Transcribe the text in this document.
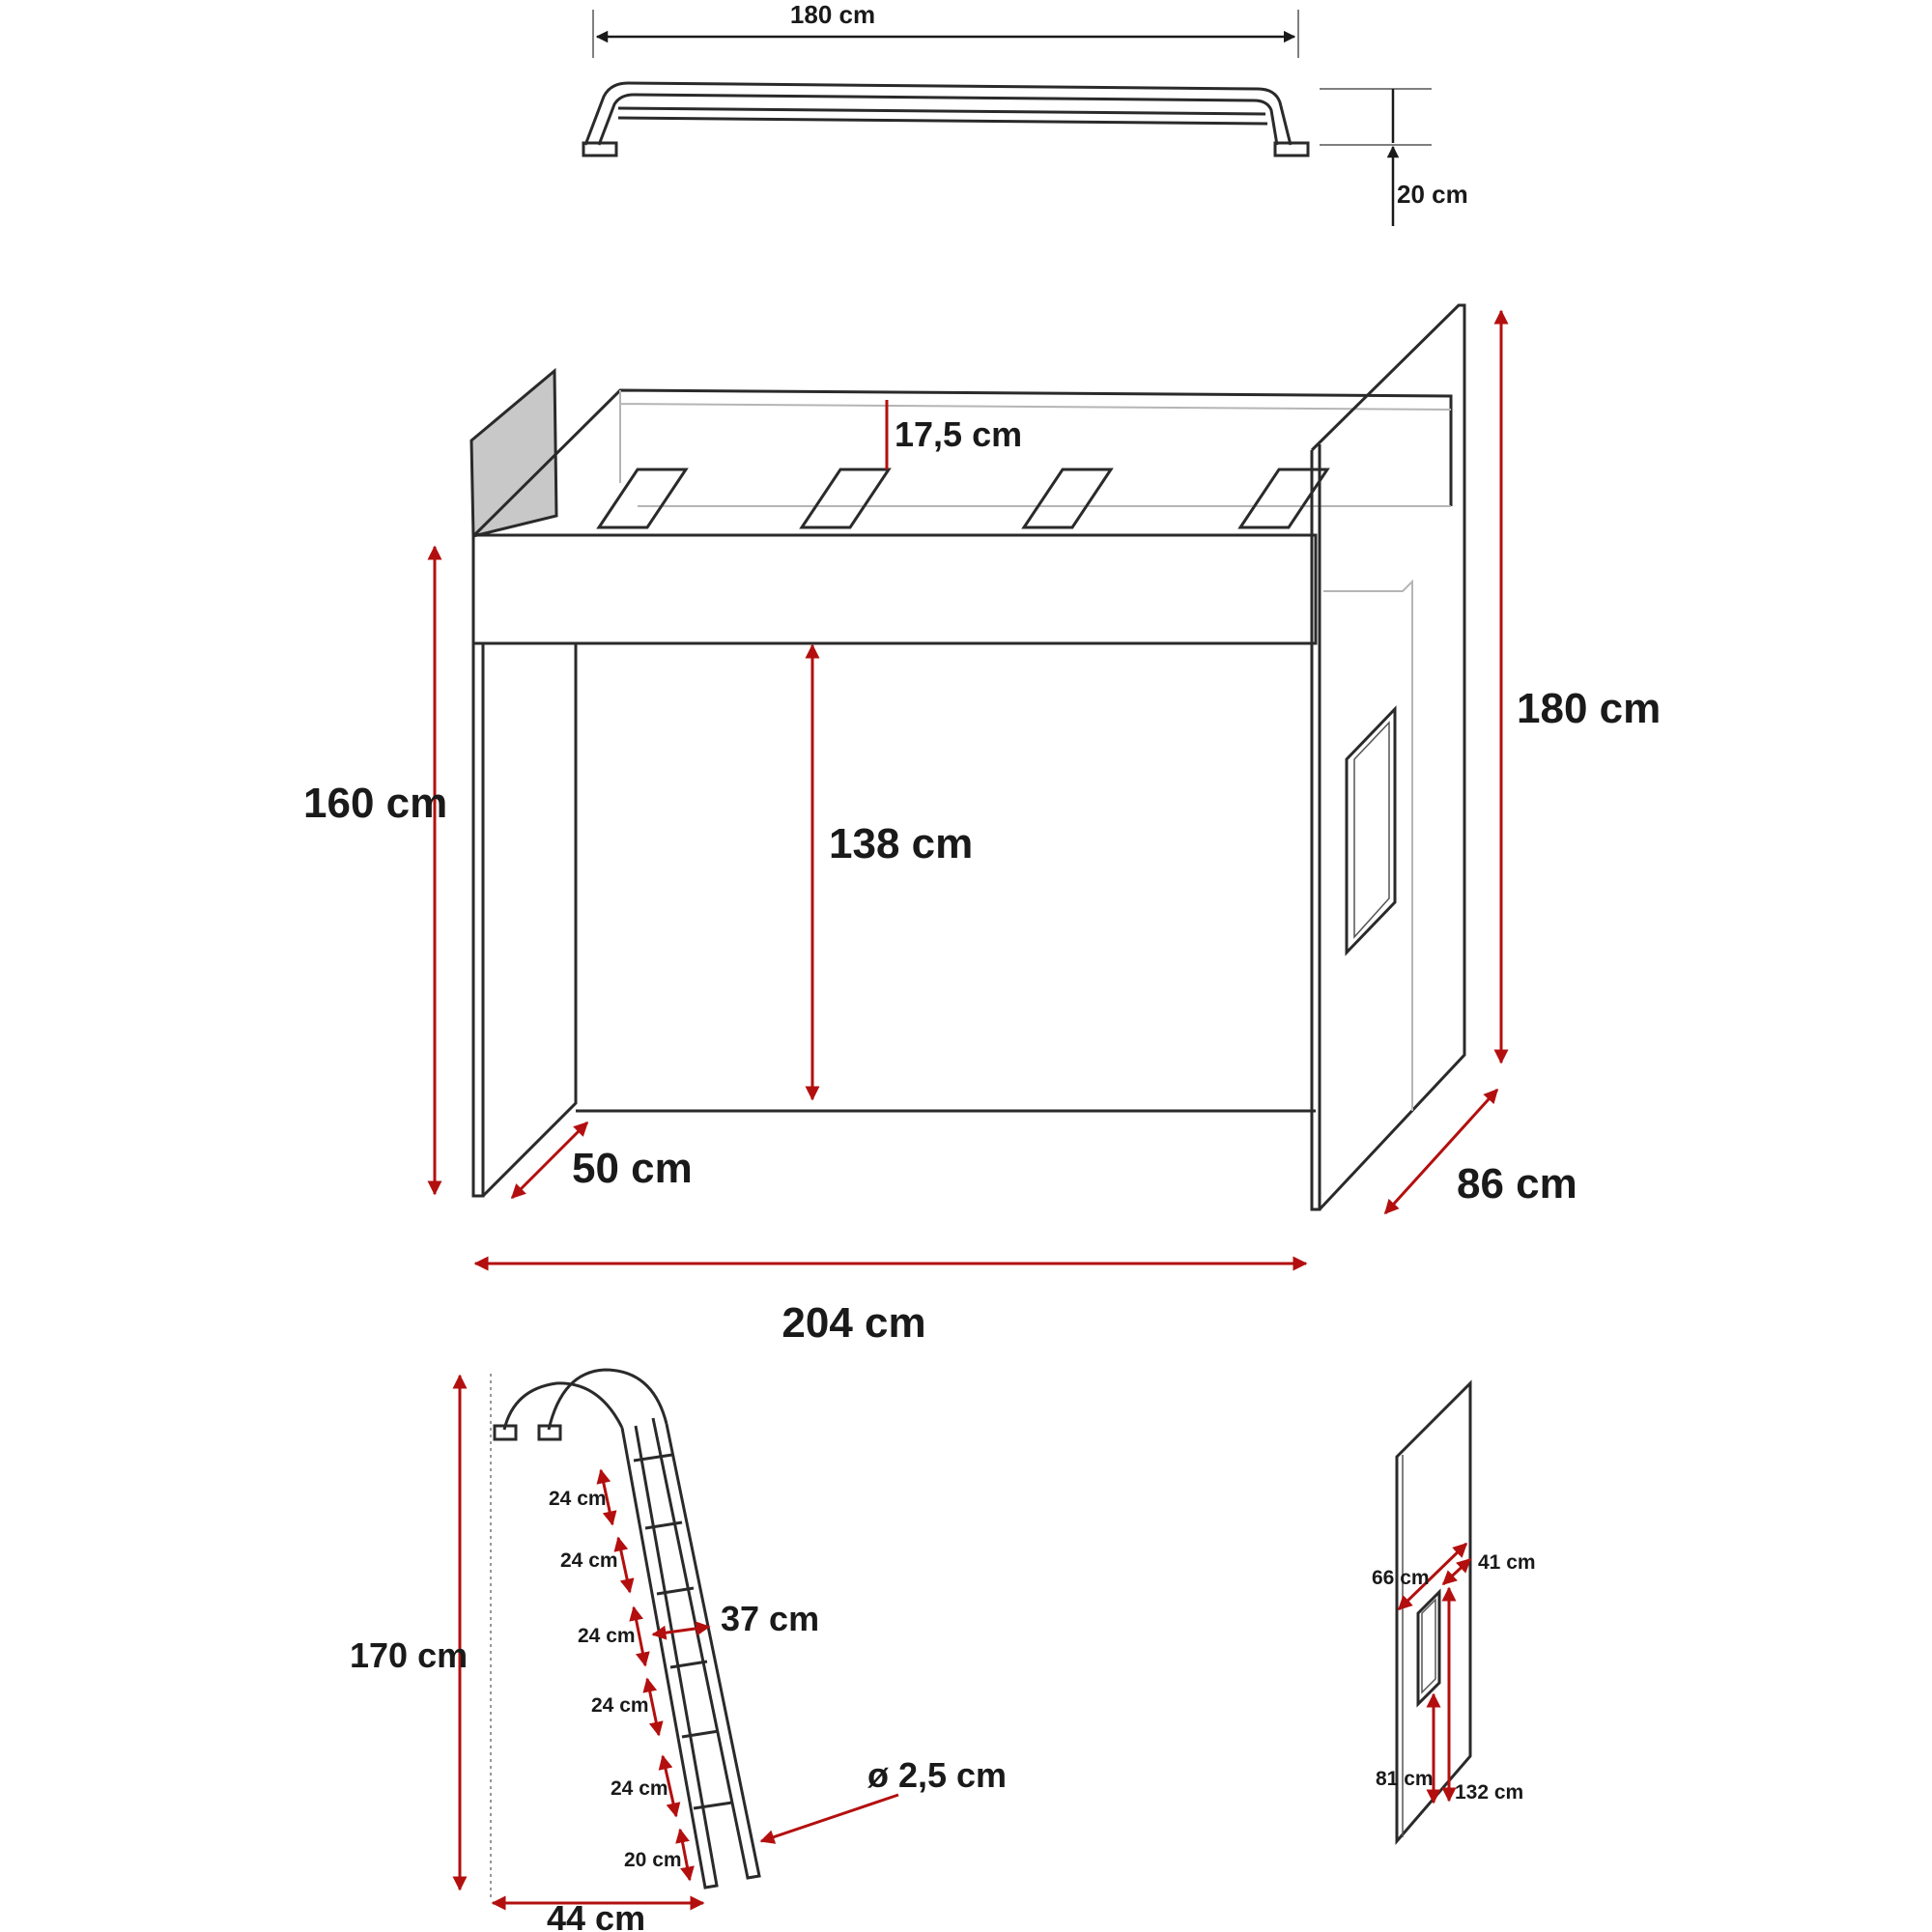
180 cm
20 cm
17,5 cm
180 cm
160 cm
138 cm
50 cm	86 cm
204 cm
170 cm
44 cm
37 cm
ø 2,5 cm
24 cm
24 cm
24 cm
24 cm
24 cm
20 cm
66 cm
41 cm
81 cm
132 cm
